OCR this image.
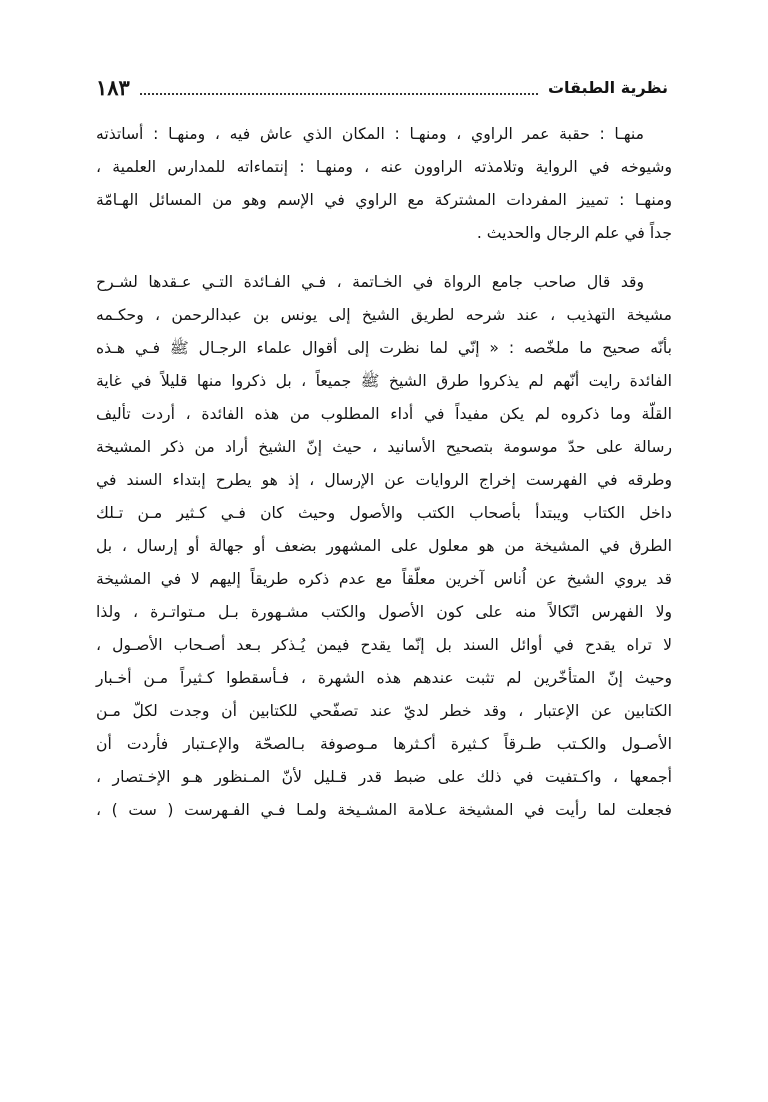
نظرية الطبقات
١٨٣

منهـا : حقبة عمر الراوي ، ومنهـا : المكان الذي عاش فيه ، ومنهـا : أساتذته
وشيوخه في الرواية وتلامذته الراوون عنه ، ومنهـا : إنتماءاته للمدارس العلمية ،
ومنهـا : تمييز المفردات المشتركة مع الراوي في الإسم وهو من المسائل الهـامّة
جداً في علم الرجال والحديث .

وقد قال صاحب جامع الرواة في الخـاتمة ، فـي الفـائدة التـي عـقدها لشـرح
مشيخة التهذيب ، عند شرحه لطريق الشيخ إلى يونس بن عبدالرحمن ، وحكـمه
بأنّه صحيح ما ملخّصه : « إنّي لما نظرت إلى أقوال علماء الرجـال ﷺ فـي هـذه
الفائدة رايت أنّهم لم يذكروا طرق الشيخ ﷺ جميعاً ، بل ذكروا منها قليلاً في غاية
القلّة وما ذكروه لم يكن مفيداً في أداء المطلوب من هذه الفائدة ، أردت تأليف
رسالة على حدّ موسومة بتصحيح الأسانيد ، حيث إنّ الشيخ أراد من ذكر المشيخة
وطرقه في الفهرست إخراج الروايات عن الإرسال ، إذ هو يطرح إبتداء السند في
داخل الكتاب ويبتدأ بأصحاب الكتب والأصول وحيث كان فـي كـثير مـن تـلك
الطرق في المشيخة من هو معلول على المشهور بضعف أو جهالة أو إرسال ، بل
قد يروي الشيخ عن اُناس آخرين معلّقاً مع عدم ذكره طريقاً إليهم لا في المشيخة
ولا الفهرس اتّكالاً منه على كون الأصول والكتب مشـهورة بـل مـتواتـرة ، ولذا
لا تراه يقدح في أوائل السند بل إنّما يقدح فيمن يُـذكر بـعد أصـحاب الأصـول ،
وحيث إنّ المتأخّرين لم تثبت عندهم هذه الشهرة ، فـأسقطوا كـثيراً مـن أخـبار
الكتابين عن الإعتبار ، وقد خطر لديّ عند تصفّحي للكتابين أن وجدت لكلّ مـن
الأصـول والكـتب طـرقاً كـثيرة أكـثرها مـوصوفة بـالصحّة والإعـتبار فأردت أن
أجمعها ، واكـتفيت في ذلك على ضبط قدر قـليل لأنّ المـنظور هـو الإخـتصار ،
فجعلت لما رأيت في المشيخة عـلامة المشـيخة ولمـا فـي الفـهرست ( ست ) ،
